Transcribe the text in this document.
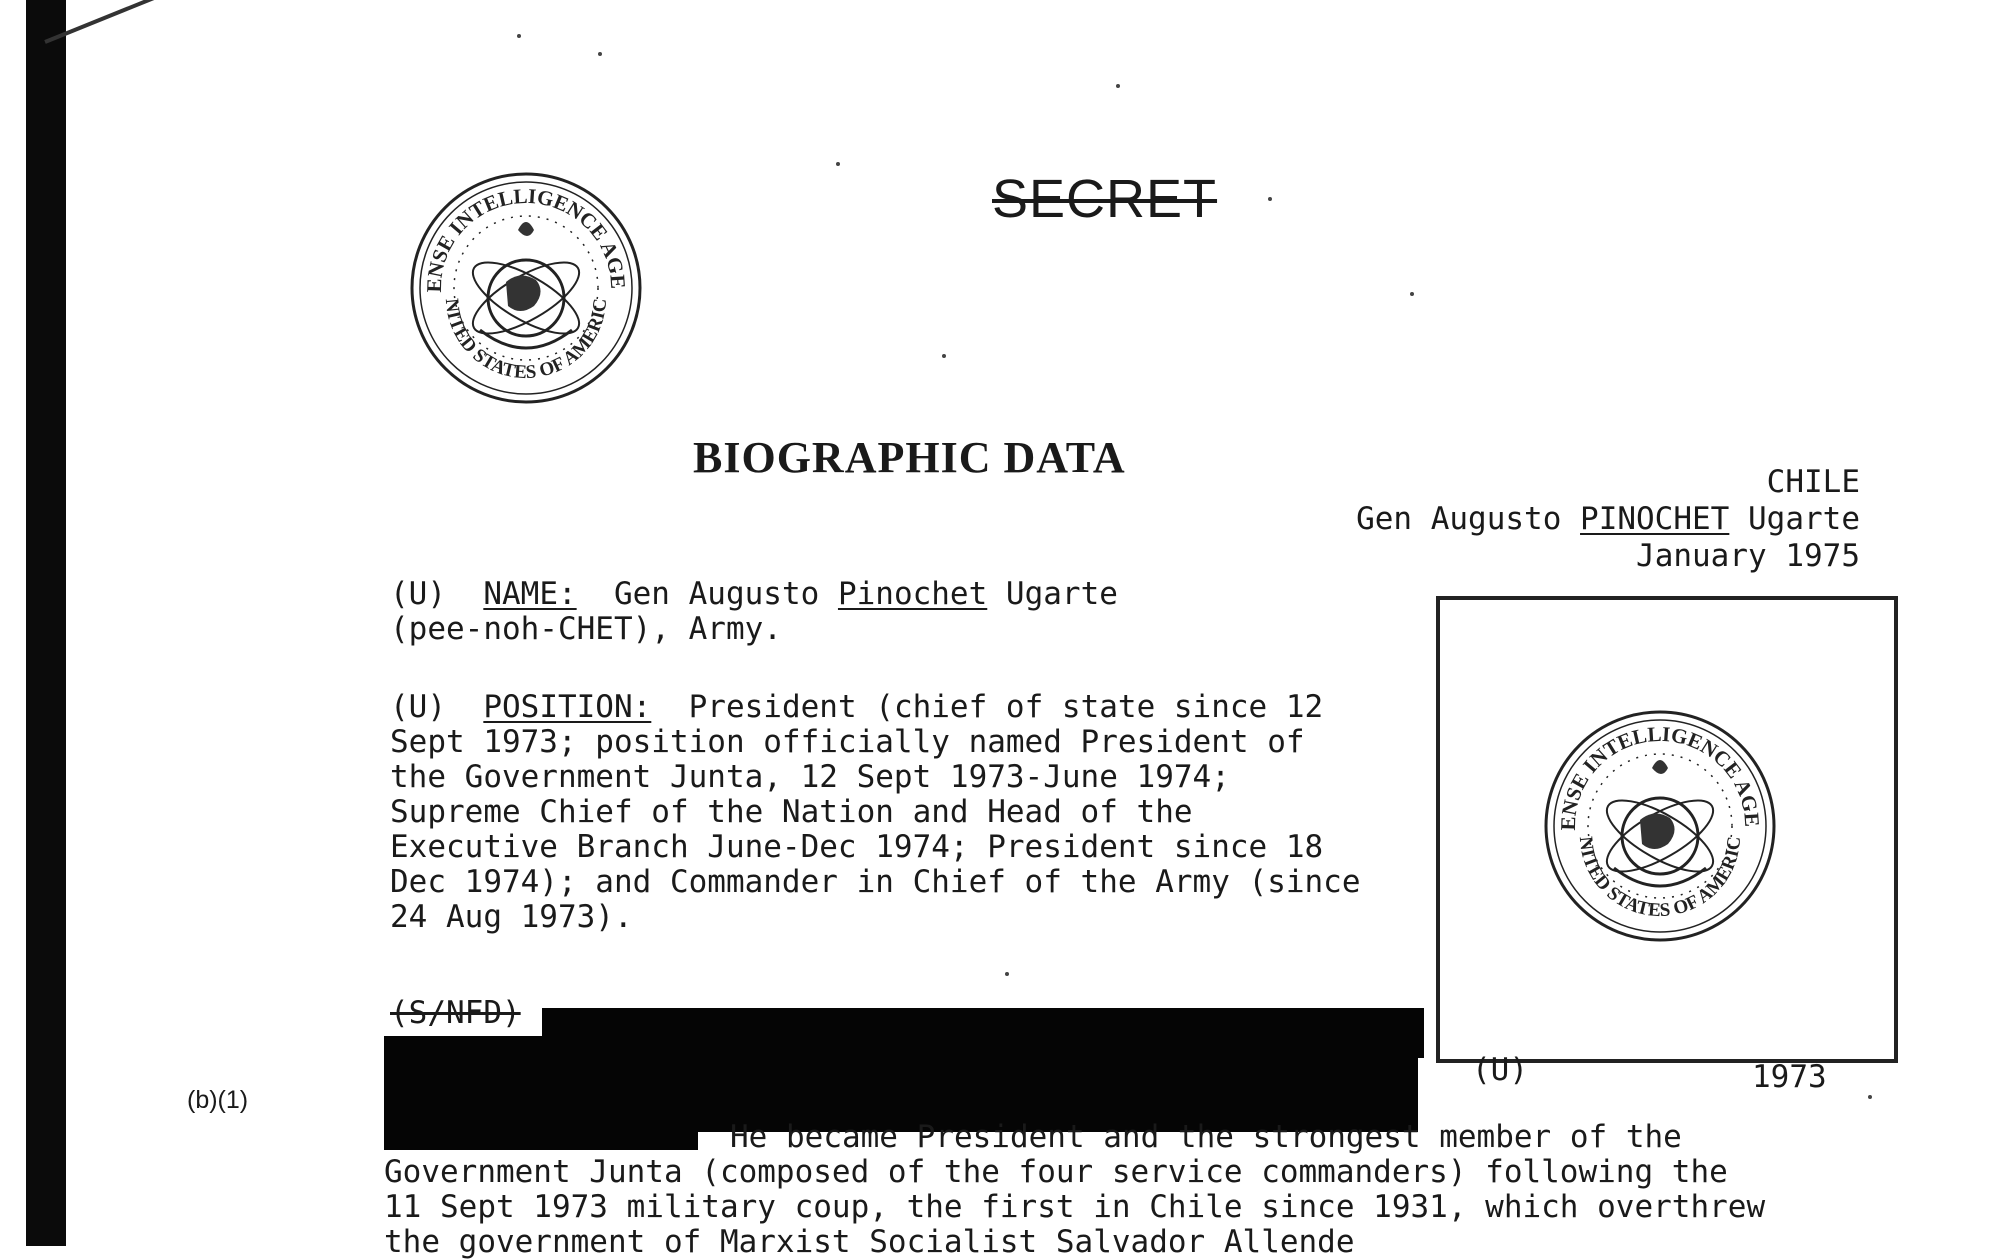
ENSE INTELLIGENCE AGE
NITED STATES OF AMERIC
SECRET
BIOGRAPHIC DATA	CHILE
Gen Augusto PINOCHET Ugarte
January 1975
(U) NAME: Gen Augusto Pinochet Ugarte
(pee-noh-CHET), Army.
(U) POSITION: President (chief of state since 12
Sept 1973; position officially named President of
the Government Junta, 12 Sept 1973-June 1974;
Supreme Chief of the Nation and Head of the
Executive Branch June-Dec 1974; President since 18
Dec 1974); and Commander in Chief of the Army (since
24 Aug 1973).
ENSE INTELLIGENCE AGE
NITED STATES OF AMERIC
(U)	1973
(S/NFD)
(b)(1)
He became President and the strongest member of the
Government Junta (composed of the four service commanders) following the
11 Sept 1973 military coup, the first in Chile since 1931, which overthrew
the government of Marxist Socialist Salvador Allende
